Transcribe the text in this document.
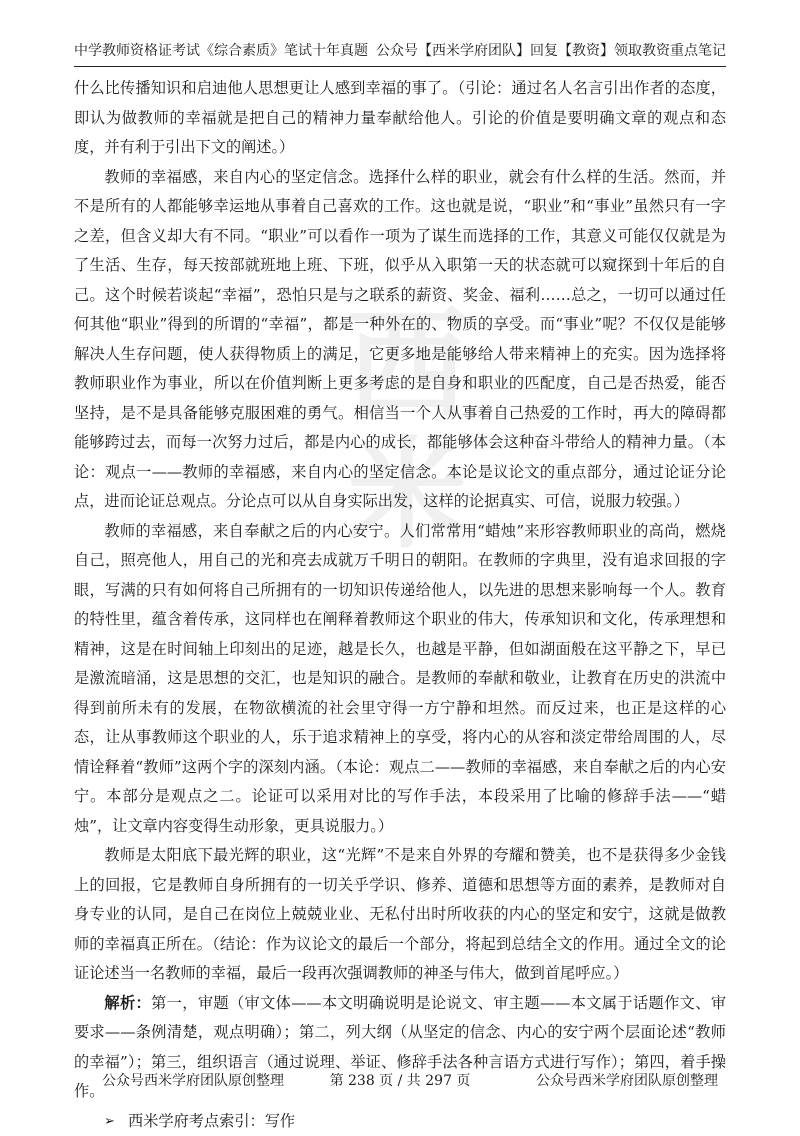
中学教师资格证考试《综合素质》笔试十年真题 公众号【西米学府团队】回复【教资】领取教资重点笔记
西
米

什么比传播知识和启迪他人思想更让人感到幸福的事了。（引论：通过名人名言引出作者的态度，即认为做教师的幸福就是把自己的精神力量奉献给他人。引论的价值是要明确文章的观点和态度，并有利于引出下文的阐述。）

教师的幸福感，来自内心的坚定信念。选择什么样的职业，就会有什么样的生活。然而，并不是所有的人都能够幸运地从事着自己喜欢的工作。这也就是说，“职业”和“事业”虽然只有一字之差，但含义却大有不同。“职业”可以看作一项为了谋生而选择的工作，其意义可能仅仅就是为了生活、生存，每天按部就班地上班、下班，似乎从入职第一天的状态就可以窥探到十年后的自己。这个时候若谈起“幸福”，恐怕只是与之联系的薪资、奖金、福利……总之，一切可以通过任何其他“职业”得到的所谓的“幸福”，都是一种外在的、物质的享受。而“事业”呢？不仅仅是能够解决人生存问题，使人获得物质上的满足，它更多地是能够给人带来精神上的充实。因为选择将教师职业作为事业，所以在价值判断上更多考虑的是自身和职业的匹配度，自己是否热爱，能否坚持，是不是具备能够克服困难的勇气。相信当一个人从事着自己热爱的工作时，再大的障碍都能够跨过去，而每一次努力过后，都是内心的成长，都能够体会这种奋斗带给人的精神力量。（本论：观点一——教师的幸福感，来自内心的坚定信念。本论是议论文的重点部分，通过论证分论点，进而论证总观点。分论点可以从自身实际出发，这样的论据真实、可信，说服力较强。）

教师的幸福感，来自奉献之后的内心安宁。人们常常用“蜡烛”来形容教师职业的高尚，燃烧自己，照亮他人，用自己的光和亮去成就万千明日的朝阳。在教师的字典里，没有追求回报的字眼，写满的只有如何将自己所拥有的一切知识传递给他人，以先进的思想来影响每一个人。教育的特性里，蕴含着传承，这同样也在阐释着教师这个职业的伟大，传承知识和文化，传承理想和精神，这是在时间轴上印刻出的足迹，越是长久，也越是平静，但如湖面般在这平静之下，早已是激流暗涌，这是思想的交汇，也是知识的融合。是教师的奉献和敬业，让教育在历史的洪流中得到前所未有的发展，在物欲横流的社会里守得一方宁静和坦然。而反过来，也正是这样的心态，让从事教师这个职业的人，乐于追求精神上的享受，将内心的从容和淡定带给周围的人，尽情诠释着“教师”这两个字的深刻内涵。（本论：观点二——教师的幸福感，来自奉献之后的内心安宁。本部分是观点之二。论证可以采用对比的写作手法，本段采用了比喻的修辞手法——“蜡烛”，让文章内容变得生动形象，更具说服力。）

教师是太阳底下最光辉的职业，这“光辉”不是来自外界的夸耀和赞美，也不是获得多少金钱上的回报，它是教师自身所拥有的一切关乎学识、修养、道德和思想等方面的素养，是教师对自身专业的认同，是自己在岗位上兢兢业业、无私付出时所收获的内心的坚定和安宁，这就是做教师的幸福真正所在。（结论：作为议论文的最后一个部分，将起到总结全文的作用。通过全文的论证论述当一名教师的幸福，最后一段再次强调教师的神圣与伟大，做到首尾呼应。）

解析：第一，审题（审文体——本文明确说明是论说文、审主题——本文属于话题作文、审要求——条例清楚，观点明确）；第二，列大纲（从坚定的信念、内心的安宁两个层面论述“教师的幸福”）；第三，组织语言（通过说理、举证、修辞手法各种言语方式进行写作）；第四，着手操作。

➢ 西米学府考点索引：写作

公众号西米学府团队原创整理	第 238 页 / 共 297 页	公众号西米学府团队原创整理
